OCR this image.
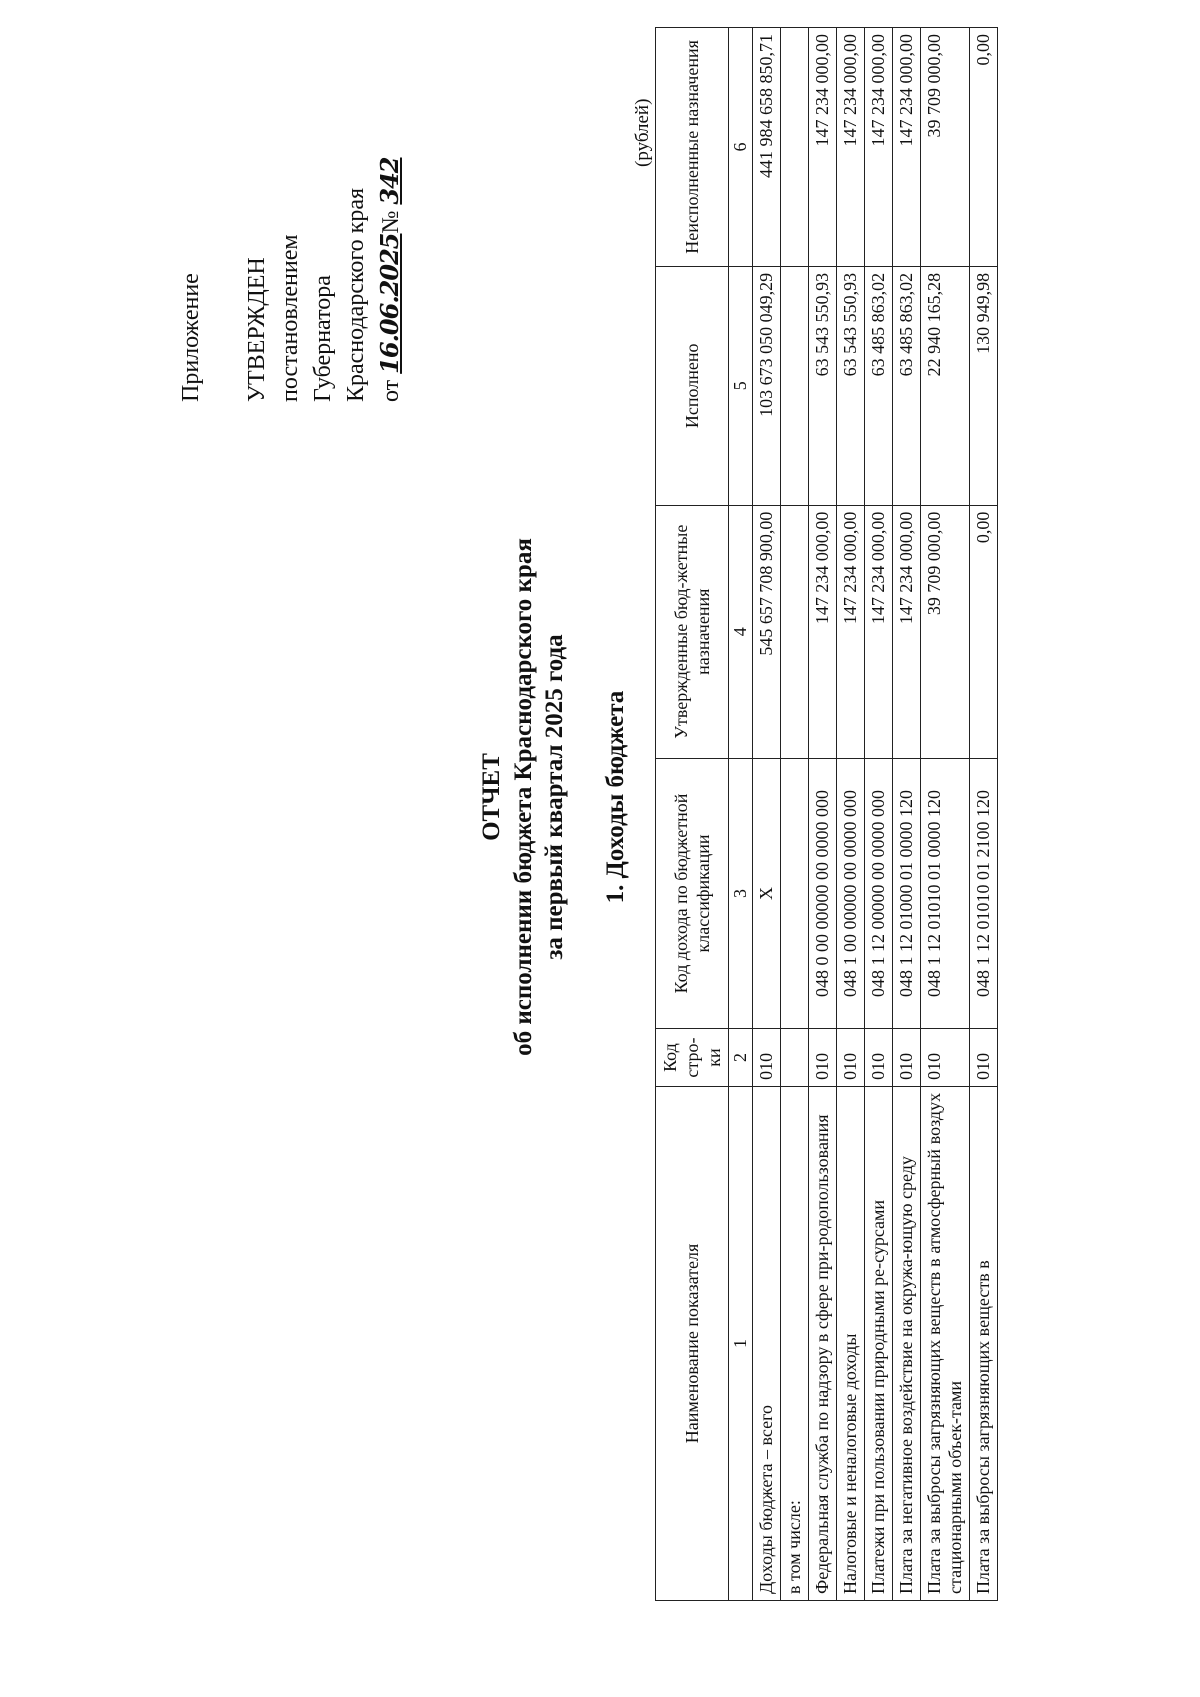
Приложение УТВЕРЖДЕН постановлением Губернатора Краснодарского края от 16.06.2025№ 342
ОТЧЕТ об исполнении бюджета Краснодарского края за первый квартал 2025 года 1. Доходы бюджета
(рублей)
Наименование показателя	Код стро-ки	Код дохода по бюджетной классификации	Утвержденные бюд-жетные назначения	Исполнено	Неисполненные назначения
1	2	3	4	5	6
Доходы бюджета – всего	010	X	545 657 708 900,00	103 673 050 049,29	441 984 658 850,71
в том числе:					
Федеральная служба по надзору в сфере при-родопользования	010	048 0 00 00000 00 0000 000	147 234 000,00	63 543 550,93	147 234 000,00
Налоговые и неналоговые доходы	010	048 1 00 00000 00 0000 000	147 234 000,00	63 543 550,93	147 234 000,00
Платежи при пользовании природными ре-сурсами	010	048 1 12 00000 00 0000 000	147 234 000,00	63 485 863,02	147 234 000,00
Плата за негативное воздействие на окружа-ющую среду	010	048 1 12 01000 01 0000 120	147 234 000,00	63 485 863,02	147 234 000,00
Плата за выбросы загрязняющих веществ в атмосферный воздух стационарными объек-тами	010	048 1 12 01010 01 0000 120	39 709 000,00	22 940 165,28	39 709 000,00
Плата за выбросы загрязняющих веществ в	010	048 1 12 01010 01 2100 120	0,00	130 949,98	0,00
